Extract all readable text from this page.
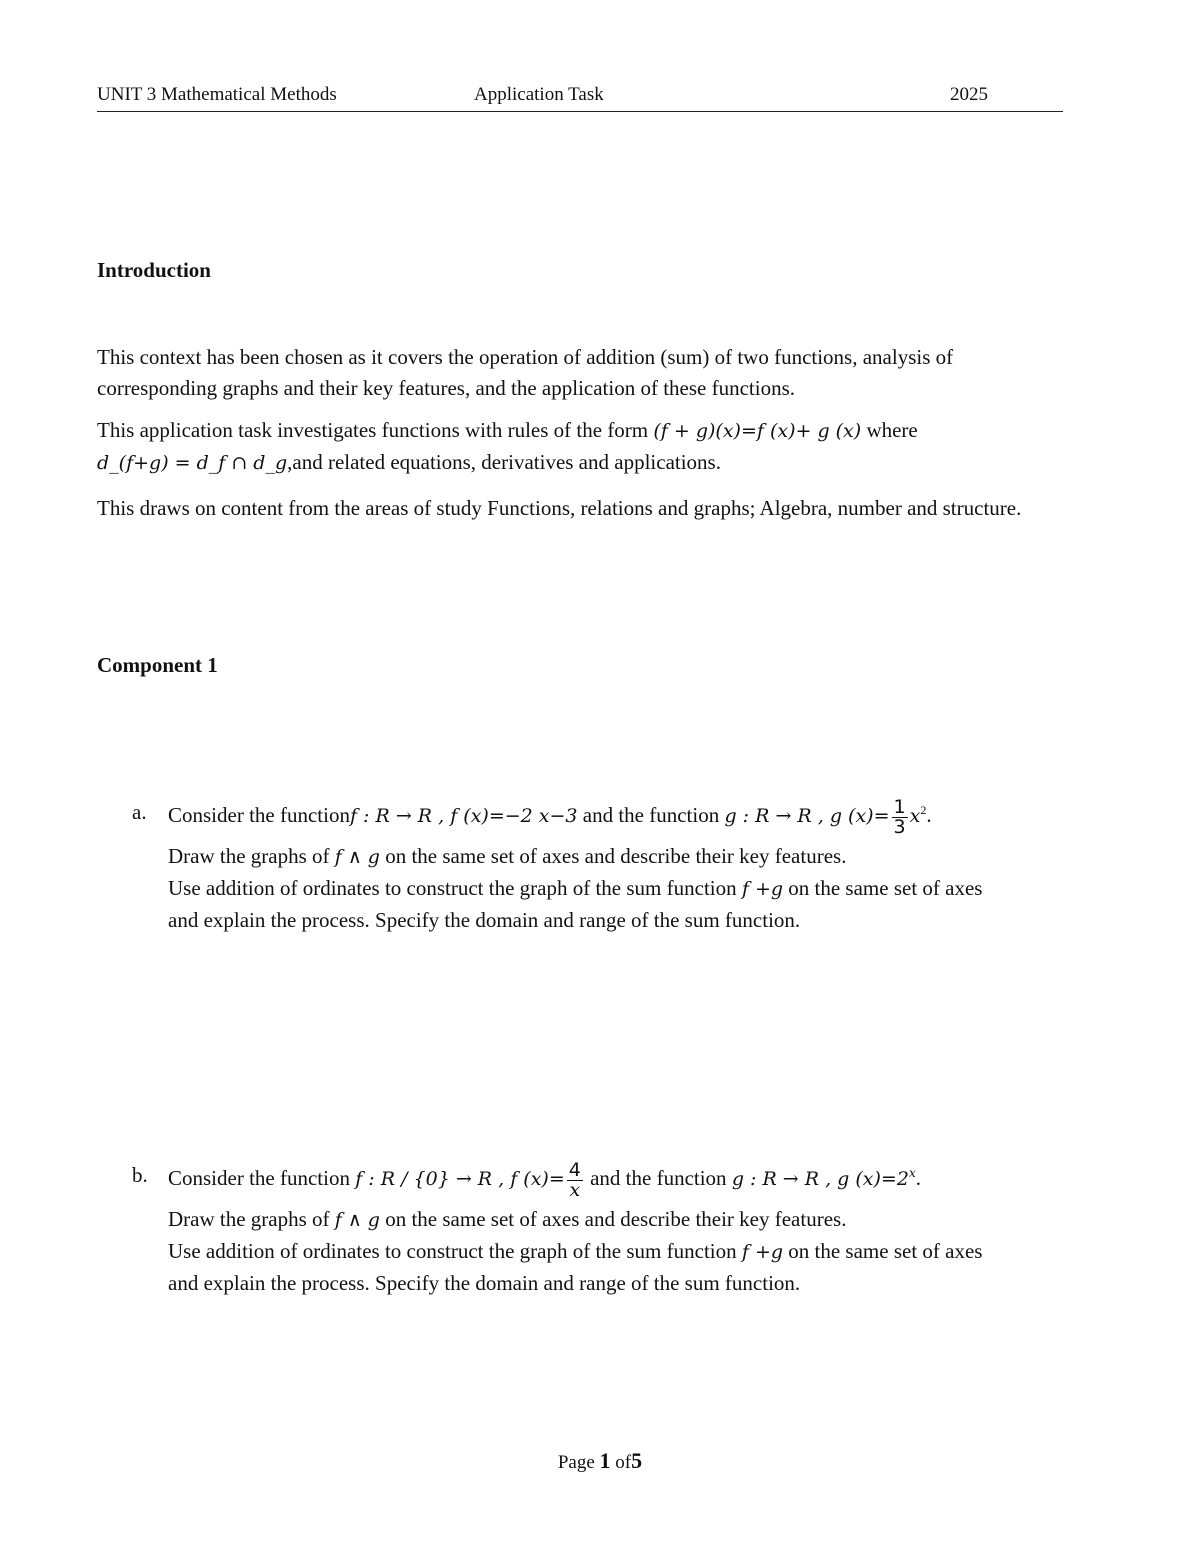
UNIT 3 Mathematical Methods	Application Task	2025
Introduction
This context has been chosen as it covers the operation of addition (sum) of two functions, analysis of corresponding graphs and their key features, and the application of these functions.
This application task investigates functions with rules of the form (f + g)(x)=f (x)+ g (x) where
d_(f+g) = d_f ∩ d_g,and related equations, derivatives and applications.
This draws on content from the areas of study Functions, relations and graphs; Algebra, number and structure.
Component 1
a. Consider the functionf : R → R , f (x)=−2 x−3 and the function g : R → R , g $(x)= \frac{1}{3} x^2$.
Draw the graphs of f ∧ g on the same set of axes and describe their key features.
Use addition of ordinates to construct the graph of the sum function f +g on the same set of axes
and explain the process. Specify the domain and range of the sum function.
b. Consider the function f : R / {0} → R , f $(x)= \frac{4}{x}$ and the function g : R → R , g $(x)=2^x$.
Draw the graphs of f ∧ g on the same set of axes and describe their key features.
Use addition of ordinates to construct the graph of the sum function f +g on the same set of axes
and explain the process. Specify the domain and range of the sum function.
Page 1 of5
